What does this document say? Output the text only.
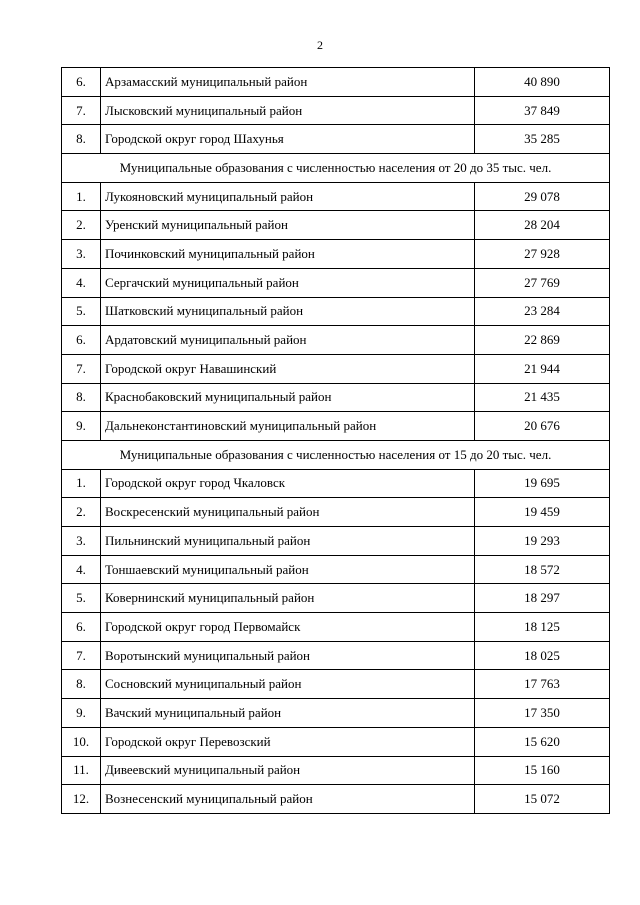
2
6.	Арзамасский муниципальный район	40 890
7.	Лысковский муниципальный район	37 849
8.	Городской округ город Шахунья	35 285
Муниципальные образования с численностью населения от 20 до 35 тыс. чел.		
1.	Лукояновский муниципальный район	29 078
2.	Уренский муниципальный район	28 204
3.	Починковский муниципальный район	27 928
4.	Сергачский муниципальный район	27 769
5.	Шатковский муниципальный район	23 284
6.	Ардатовский муниципальный район	22 869
7.	Городской округ Навашинский	21 944
8.	Краснобаковский муниципальный район	21 435
9.	Дальнеконстантиновский муниципальный район	20 676
Муниципальные образования с численностью населения от 15 до 20 тыс. чел.		
1.	Городской округ город Чкаловск	19 695
2.	Воскресенский муниципальный район	19 459
3.	Пильнинский муниципальный район	19 293
4.	Тоншаевский муниципальный район	18 572
5.	Ковернинский муниципальный район	18 297
6.	Городской округ город Первомайск	18 125
7.	Воротынский муниципальный район	18 025
8.	Сосновский муниципальный район	17 763
9.	Вачский муниципальный район	17 350
10.	Городской округ Перевозский	15 620
11.	Дивеевский муниципальный район	15 160
12.	Вознесенский муниципальный район	15 072
